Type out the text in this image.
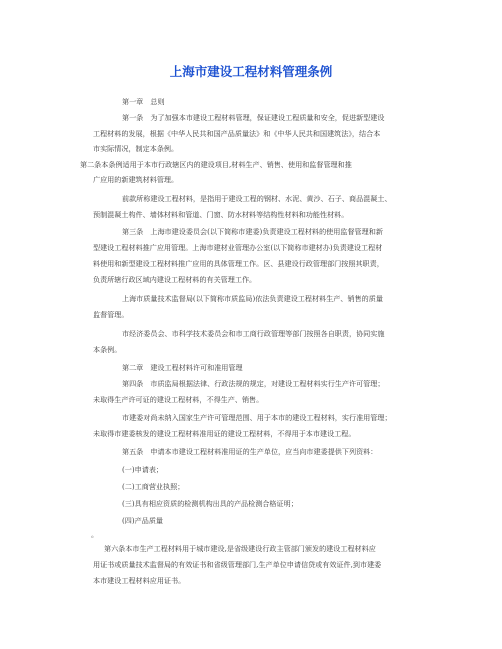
上海市建设工程材料管理条例
第一章　总则
第一条　为了加强本市建设工程材料管理，保证建设工程质量和安全，促进新型建设
工程材料的发展，根据《中华人民共和国产品质量法》和《中华人民共和国建筑法》，结合本
市实际情况，制定本条例。
第二条本条例适用于本市行政辖区内的建设项目,材料生产、销售、使用和监督管理和推
广应用的新建筑材料管理。
前款所称建设工程材料，是指用于建设工程的钢材、水泥、黄沙、石子、商品混凝土、
预制混凝土构件、墙体材料和管道、门窗、防水材料等结构性材料和功能性材料。
第三条　上海市建设委员会(以下简称市建委)负责建设工程材料的使用监督管理和新
型建设工程材料推广应用管理。上海市建材业管理办公室(以下简称市建材办)负责建设工程材
料使用和新型建设工程材料推广应用的具体管理工作。区、县建设行政管理部门按照其职责，
负责所辖行政区域内建设工程材料的有关管理工作。
上海市质量技术监督局(以下简称市质监局)依法负责建设工程材料生产、销售的质量
监督管理。
市经济委员会、市科学技术委员会和市工商行政管理等部门按照各自职责，协同实施
本条例。
第二章　建设工程材料许可和准用管理
第四条　市质监局根据法律、行政法规的规定，对建设工程材料实行生产许可管理；
未取得生产许可证的建设工程材料，不得生产、销售。
市建委对尚未纳入国家生产许可管理范围、用于本市的建设工程材料，实行准用管理；
未取得市建委核发的建设工程材料准用证的建设工程材料，不得用于本市建设工程。
第五条　申请本市建设工程材料准用证的生产单位，应当向市建委提供下列资料：
(一)申请表；
(二)工商营业执照；
(三)具有相应资质的检测机构出具的产品检测合格证明；
(四)产品质量
。
第六条本市生产工程材料用于城市建设,是省级建设行政主管部门颁发的建设工程材料应
用证书或质量技术监督局的有效证书和省级管理部门,生产单位申请信贷或有效证件,到市建委
本市建设工程材料应用证书。
